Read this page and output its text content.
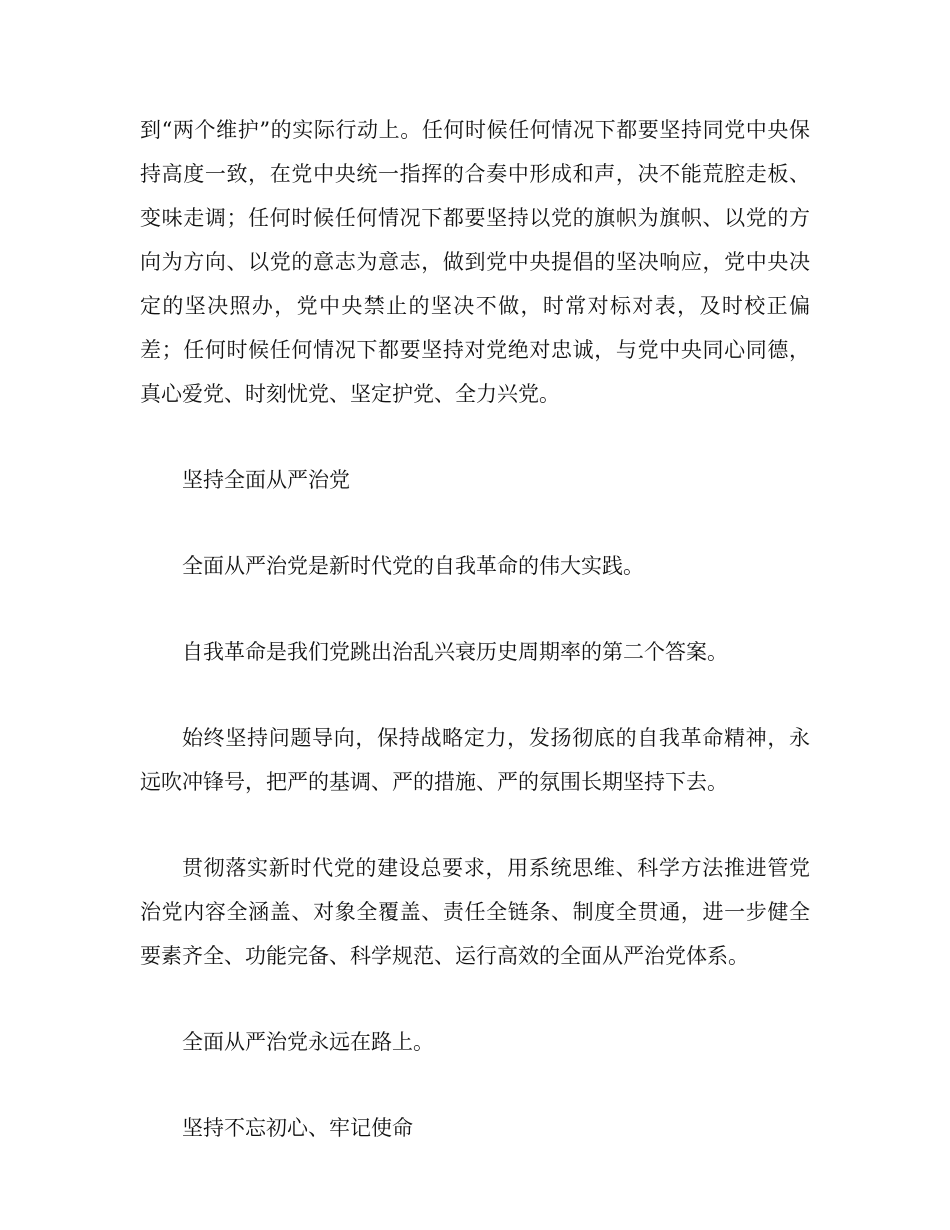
到“两个维护”的实际行动上。任何时候任何情况下都要坚持同党中央保持高度一致，在党中央统一指挥的合奏中形成和声，决不能荒腔走板、变味走调；任何时候任何情况下都要坚持以党的旗帜为旗帜、以党的方向为方向、以党的意志为意志，做到党中央提倡的坚决响应，党中央决定的坚决照办，党中央禁止的坚决不做，时常对标对表，及时校正偏差；任何时候任何情况下都要坚持对党绝对忠诚，与党中央同心同德，真心爱党、时刻忧党、坚定护党、全力兴党。

坚持全面从严治党

全面从严治党是新时代党的自我革命的伟大实践。

自我革命是我们党跳出治乱兴衰历史周期率的第二个答案。

始终坚持问题导向，保持战略定力，发扬彻底的自我革命精神，永远吹冲锋号，把严的基调、严的措施、严的氛围长期坚持下去。

贯彻落实新时代党的建设总要求，用系统思维、科学方法推进管党治党内容全涵盖、对象全覆盖、责任全链条、制度全贯通，进一步健全要素齐全、功能完备、科学规范、运行高效的全面从严治党体系。

全面从严治党永远在路上。

坚持不忘初心、牢记使命
